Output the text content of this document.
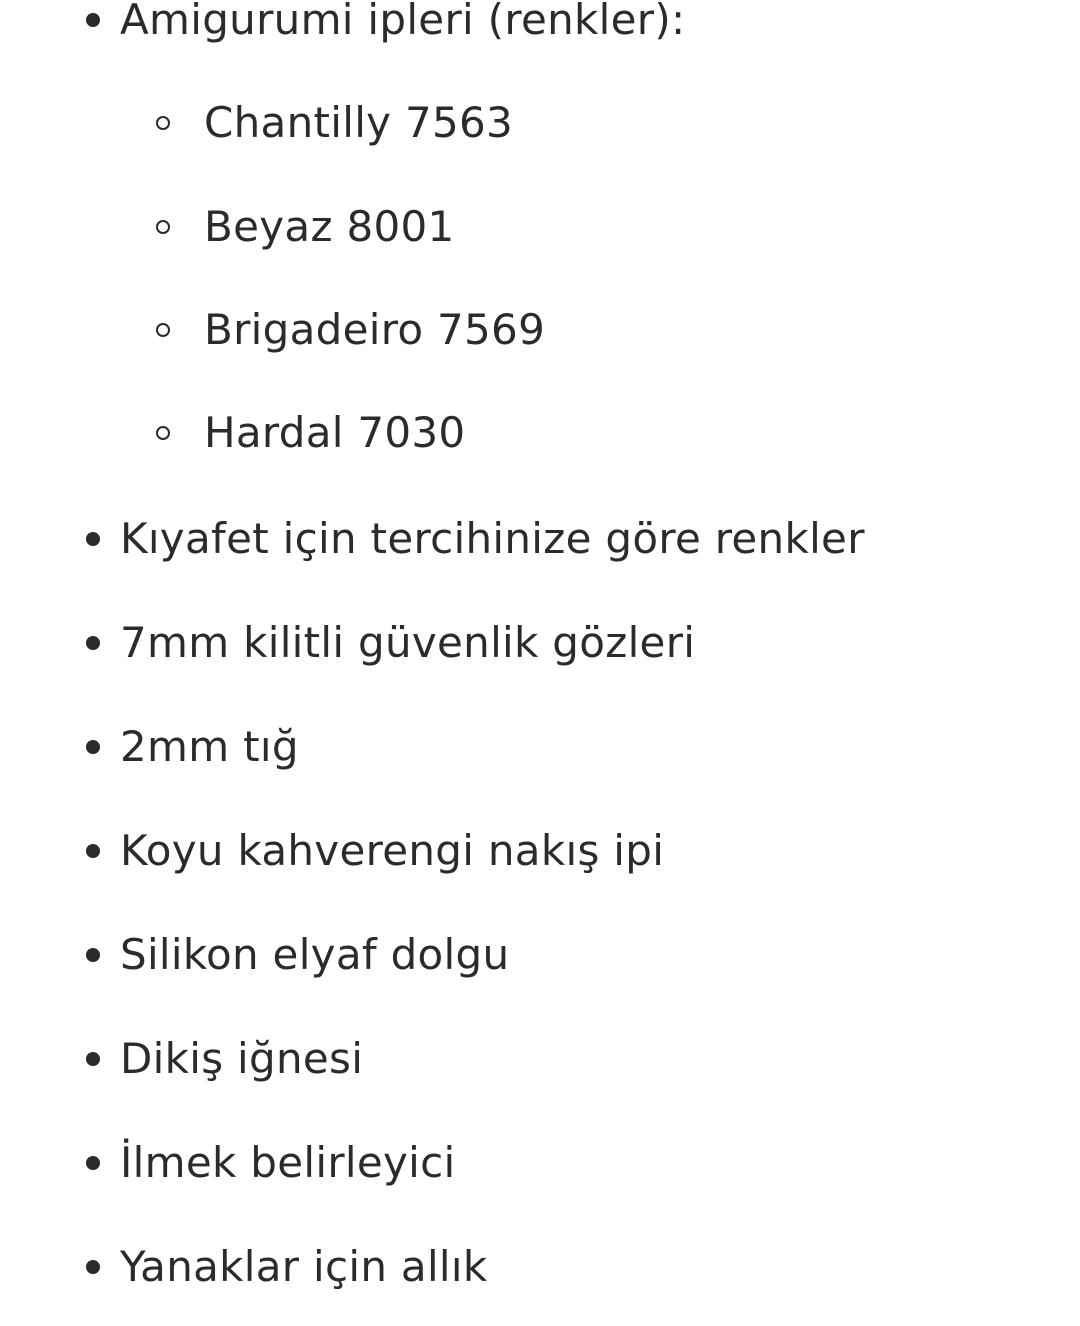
Amigurumi ipleri (renkler):
Chantilly 7563
Beyaz 8001
Brigadeiro 7569
Hardal 7030
Kıyafet için tercihinize göre renkler
7mm kilitli güvenlik gözleri
2mm tığ
Koyu kahverengi nakış ipi
Silikon elyaf dolgu
Dikiş iğnesi
İlmek belirleyici
Yanaklar için allık
